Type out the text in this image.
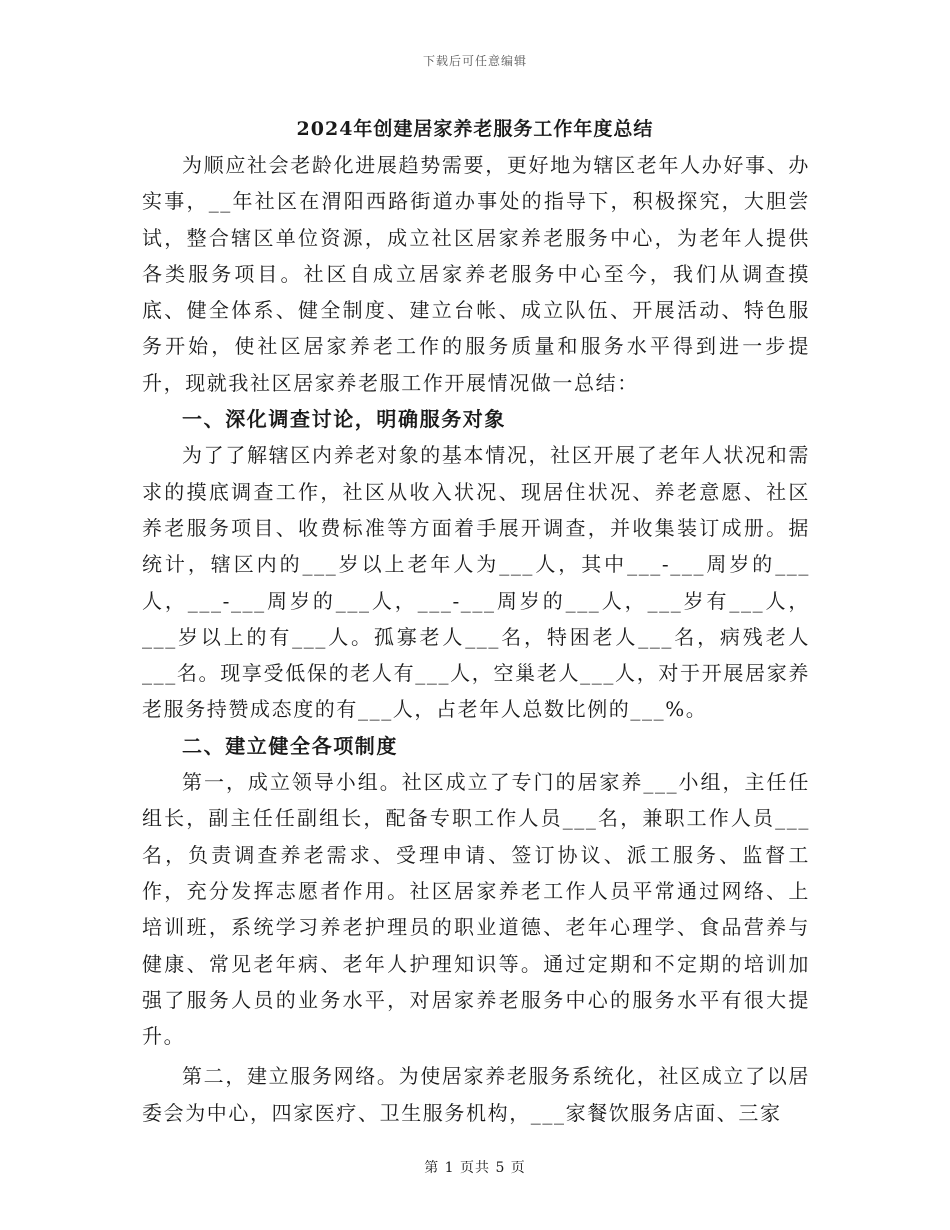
下载后可任意编辑
2024年创建居家养老服务工作年度总结

为顺应社会老龄化进展趋势需要，更好地为辖区老年人办好事、办实事，__年社区在渭阳西路街道办事处的指导下，积极探究，大胆尝试，整合辖区单位资源，成立社区居家养老服务中心，为老年人提供各类服务项目。社区自成立居家养老服务中心至今，我们从调查摸底、健全体系、健全制度、建立台帐、成立队伍、开展活动、特色服务开始，使社区居家养老工作的服务质量和服务水平得到进一步提升，现就我社区居家养老服工作开展情况做一总结：

一、深化调查讨论，明确服务对象

为了了解辖区内养老对象的基本情况，社区开展了老年人状况和需求的摸底调查工作，社区从收入状况、现居住状况、养老意愿、社区养老服务项目、收费标准等方面着手展开调查，并收集装订成册。据统计，辖区内的___岁以上老年人为___人，其中___-___周岁的___人，___-___周岁的___人，___-___周岁的___人，___岁有___人，___岁以上的有___人。孤寡老人___名，特困老人___名，病残老人___名。现享受低保的老人有___人，空巢老人___人，对于开展居家养老服务持赞成态度的有___人，占老年人总数比例的___%。

二、建立健全各项制度

第一，成立领导小组。社区成立了专门的居家养___小组，主任任组长，副主任任副组长，配备专职工作人员___名，兼职工作人员___名，负责调查养老需求、受理申请、签订协议、派工服务、监督工作，充分发挥志愿者作用。社区居家养老工作人员平常通过网络、上培训班，系统学习养老护理员的职业道德、老年心理学、食品营养与健康、常见老年病、老年人护理知识等。通过定期和不定期的培训加强了服务人员的业务水平，对居家养老服务中心的服务水平有很大提升。

第二，建立服务网络。为使居家养老服务系统化，社区成立了以居委会为中心，四家医疗、卫生服务机构，___家餐饮服务店面、三家

第 1 页共 5 页
